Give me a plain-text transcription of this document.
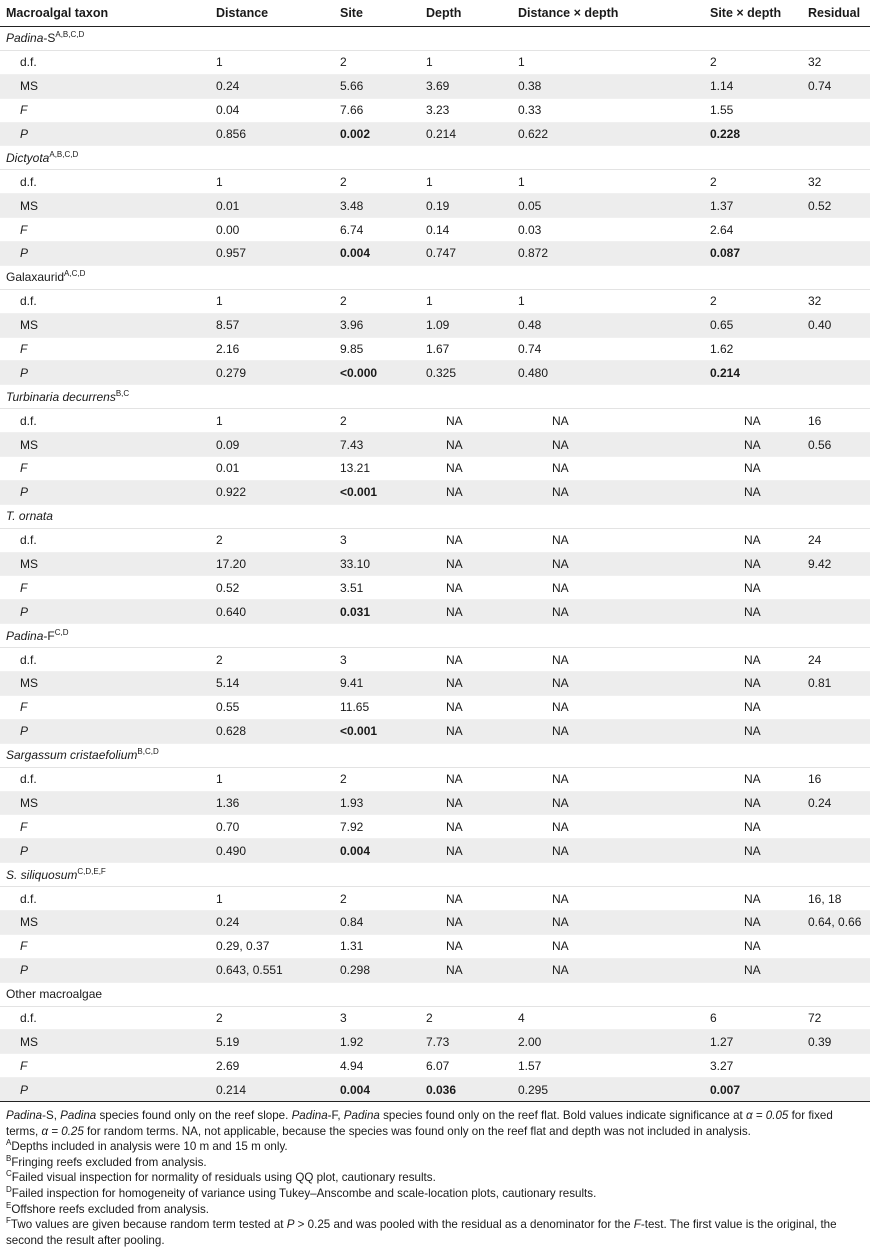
Macroalgal taxon	Distance	Site	Depth	Distance × depth	Site × depth	Residual
Padina-$S^{A,B,C,D}$
d.f.	1	2	1	1	2	32
MS	0.24	5.66	3.69	0.38	1.14	0.74
F	0.04	7.66	3.23	0.33	1.55	
P	0.856	0.002	0.214	0.622	0.228	
Dictyota$^{A,B,C,D}$
d.f.	1	2	1	1	2	32
MS	0.01	3.48	0.19	0.05	1.37	0.52
F	0.00	6.74	0.14	0.03	2.64	
P	0.957	0.004	0.747	0.872	0.087	
Galaxaurid$^{A,C,D}$
d.f.	1	2	1	1	2	32
MS	8.57	3.96	1.09	0.48	0.65	0.40
F	2.16	9.85	1.67	0.74	1.62	
P	0.279	<0.000	0.325	0.480	0.214	
Turbinaria decurrens$^{B,C}$
d.f.	1	2	NA	NA	NA	16
MS	0.09	7.43	NA	NA	NA	0.56
F	0.01	13.21	NA	NA	NA	
P	0.922	<0.001	NA	NA	NA	
T. ornata						
d.f.	2	3	NA	NA	NA	24
MS	17.20	33.10	NA	NA	NA	9.42
F	0.52	3.51	NA	NA	NA	
P	0.640	0.031	NA	NA	NA	
Padina-$F^{C,D}$
d.f.	2	3	NA	NA	NA	24
MS	5.14	9.41	NA	NA	NA	0.81
F	0.55	11.65	NA	NA	NA	
P	0.628	<0.001	NA	NA	NA	
Sargassum cristaefolium$^{B,C,D}$
d.f.	1	2	NA	NA	NA	16
MS	1.36	1.93	NA	NA	NA	0.24
F	0.70	7.92	NA	NA	NA	
P	0.490	0.004	NA	NA	NA	
S. siliquosum$^{C,D,E,F}$
d.f.	1	2	NA	NA	NA	16, 18
MS	0.24	0.84	NA	NA	NA	0.64, 0.66
F	0.29, 0.37	1.31	NA	NA	NA	
P	0.643, 0.551	0.298	NA	NA	NA	
Other macroalgae						
d.f.	2	3	2	4	6	72
MS	5.19	1.92	7.73	2.00	1.27	0.39
F	2.69	4.94	6.07	1.57	3.27	
P	0.214	0.004	0.036	0.295	0.007	

Padina-S, Padina species found only on the reef slope. Padina-F, Padina species found only on the reef flat. Bold values indicate significance at α = 0.05 for fixed terms, α = 0.25 for random terms. NA, not applicable, because the species was found only on the reef flat and depth was not included in analysis.

$^A$Depths included in analysis were 10 m and 15 m only.

$^B$Fringing reefs excluded from analysis.

$^C$Failed visual inspection for normality of residuals using QQ plot, cautionary results.

$^D$Failed inspection for homogeneity of variance using Tukey–Anscombe and scale-location plots, cautionary results.

$^E$Offshore reefs excluded from analysis.

$^F$Two values are given because random term tested at P > 0.25 and was pooled with the residual as a denominator for the F-test. The first value is the original, the second the result after pooling.
